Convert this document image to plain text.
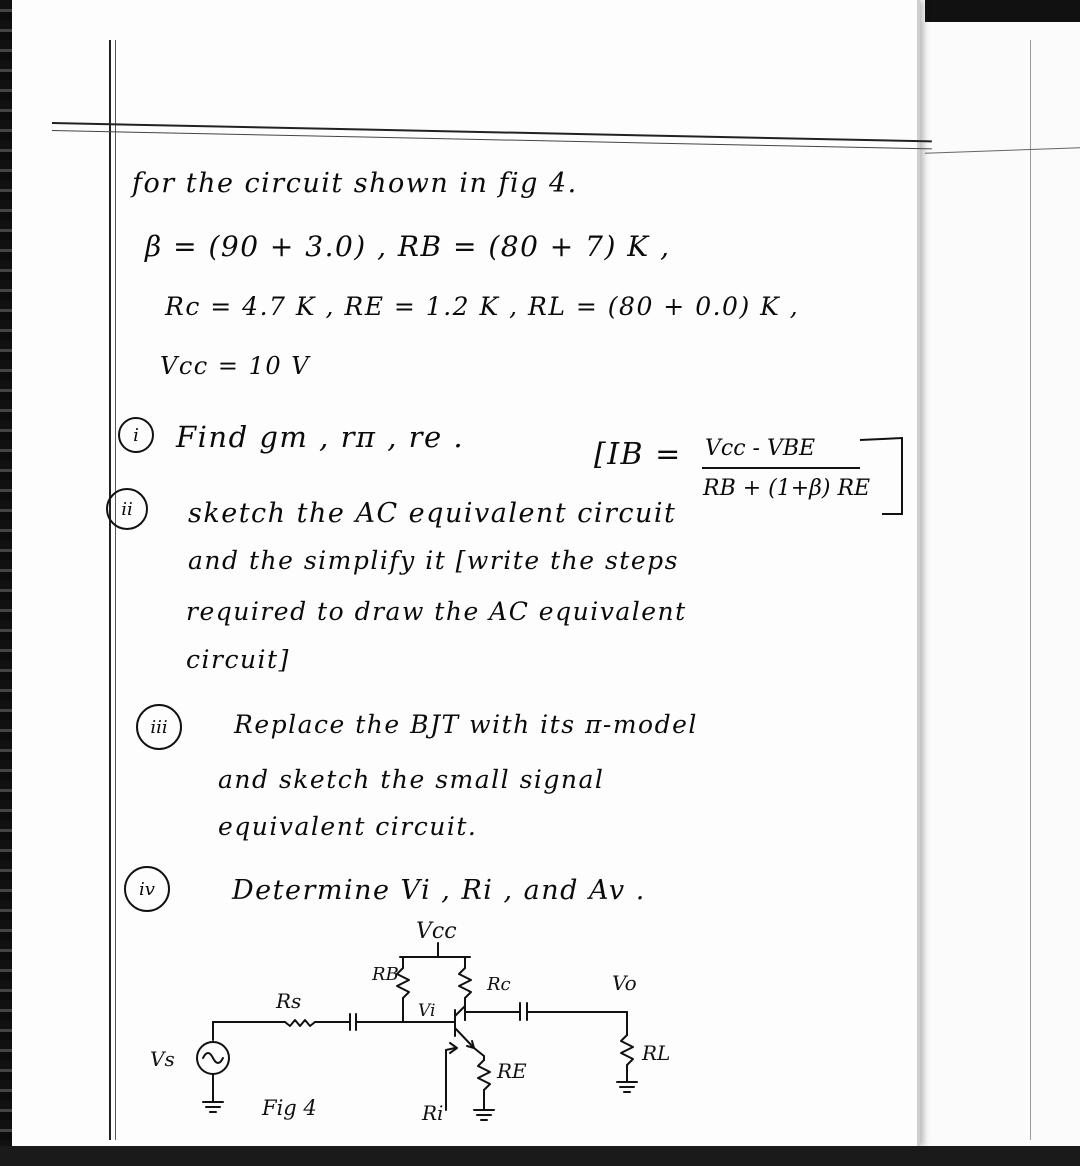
for the circuit shown in fig 4.
β = (90 + 3.0) , RB = (80 + 7) K ,
Rc = 4.7 K , RE = 1.2 K , RL = (80 + 0.0) K ,
Vcc = 10 V
i	Find gm , rπ , re .	[IB = Vcc - VBE
RB + (1+β) RE
ii	sketch the AC equivalent circuit
and the simplify it [write the steps
required to draw the AC equivalent
circuit]
iii	Replace the BJT with its π-model
and sketch the small signal
equivalent circuit.
iv	Determine Vi , Ri , and Av .
Vcc
RB	Rc
Rs	Vi
Vo
Vs	RE
RL
Ri
Fig 4
